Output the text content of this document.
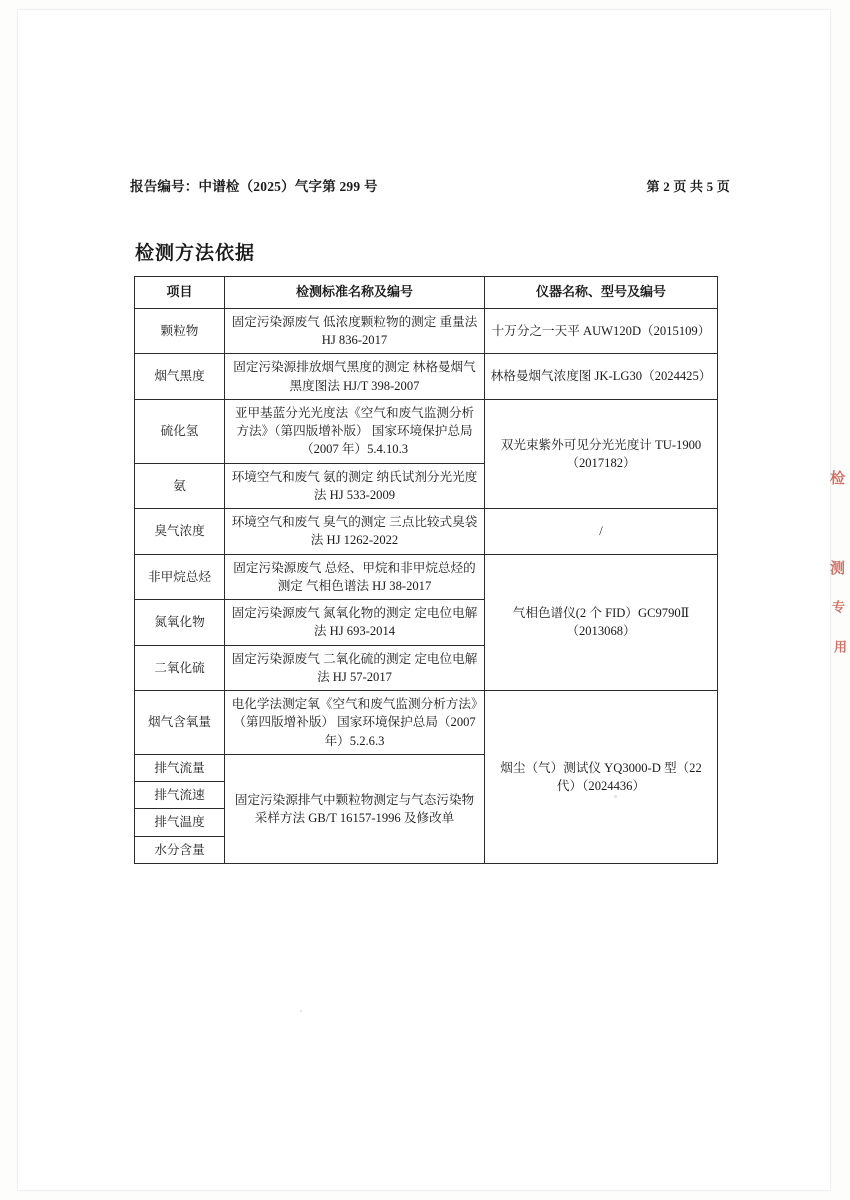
报告编号：中谱检（2025）气字第 299 号	第 2 页 共 5 页
检测方法依据
项目	检测标准名称及编号	仪器名称、型号及编号
颗粒物	固定污染源废气 低浓度颗粒物的测定 重量法 HJ 836-2017	十万分之一天平 AUW120D（2015109）
烟气黑度	固定污染源排放烟气黑度的测定 林格曼烟气黑度图法 HJ/T 398-2007	林格曼烟气浓度图 JK-LG30（2024425）
硫化氢	亚甲基蓝分光光度法《空气和废气监测分析方法》（第四版增补版） 国家环境保护总局（2007 年）5.4.10.3	双光束紫外可见分光光度计 TU-1900（2017182）
氨	环境空气和废气 氨的测定 纳氏试剂分光光度法 HJ 533-2009	
臭气浓度	环境空气和废气 臭气的测定 三点比较式臭袋法 HJ 1262-2022	/
非甲烷总烃	固定污染源废气 总烃、甲烷和非甲烷总烃的测定 气相色谱法 HJ 38-2017	气相色谱仪(2 个 FID）GC9790Ⅱ（2013068）
氮氧化物	固定污染源废气 氮氧化物的测定 定电位电解法 HJ 693-2014	
二氧化硫	固定污染源废气 二氧化硫的测定 定电位电解法 HJ 57-2017	
烟气含氧量	电化学法测定氧《空气和废气监测分析方法》（第四版增补版） 国家环境保护总局（2007 年）5.2.6.3	烟尘（气）测试仪 YQ3000-D 型（22 代）（2024436）
排气流量	固定污染源排气中颗粒物测定与气态污染物采样方法 GB/T 16157-1996 及修改单	
排气流速		
排气温度		
水分含量		
检
测
专
用
